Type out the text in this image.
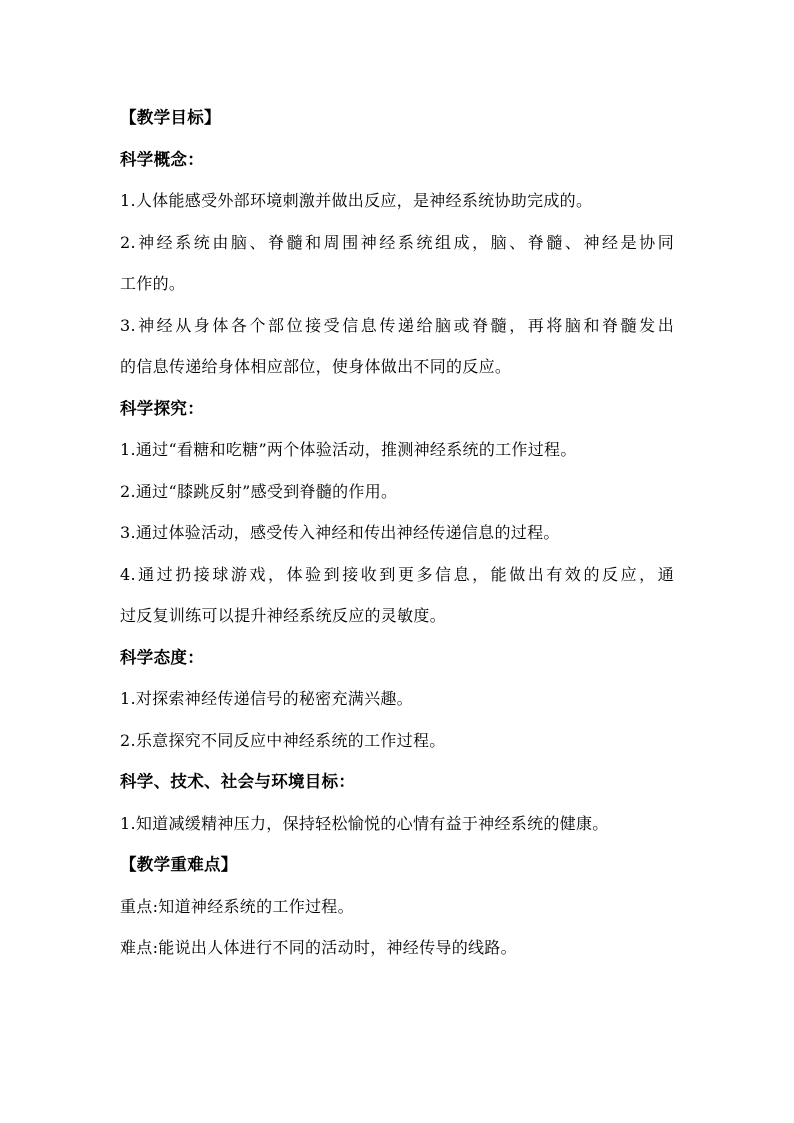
【教学目标】

科学概念：

1.人体能感受外部环境刺激并做出反应，是神经系统协助完成的。

2.神经系统由脑、脊髓和周围神经系统组成，脑、脊髓、神经是协同

工作的。

3.神经从身体各个部位接受信息传递给脑或脊髓，再将脑和脊髓发出

的信息传递给身体相应部位，使身体做出不同的反应。

科学探究：

1.通过“看糖和吃糖”两个体验活动，推测神经系统的工作过程。

2.通过“膝跳反射”感受到脊髓的作用。

3.通过体验活动，感受传入神经和传出神经传递信息的过程。

4.通过扔接球游戏，体验到接收到更多信息，能做出有效的反应，通

过反复训练可以提升神经系统反应的灵敏度。

科学态度：

1.对探索神经传递信号的秘密充满兴趣。

2.乐意探究不同反应中神经系统的工作过程。

科学、技术、社会与环境目标：

1.知道减缓精神压力，保持轻松愉悦的心情有益于神经系统的健康。

【教学重难点】

重点:知道神经系统的工作过程。

难点:能说出人体进行不同的活动时，神经传导的线路。
